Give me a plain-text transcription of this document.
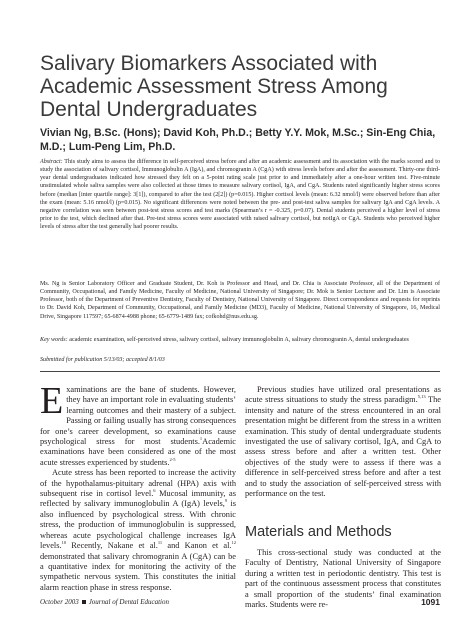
Salivary Biomarkers Associated with Academic Assessment Stress Among Dental Undergraduates
Vivian Ng, B.Sc. (Hons); David Koh, Ph.D.; Betty Y.Y. Mok, M.Sc.; Sin-Eng Chia, M.D.; Lum-Peng Lim, Ph.D.

Abstract: This study aims to assess the difference in self-perceived stress before and after an academic assessment and its association with the marks scored and to study the association of salivary cortisol, Immunoglobulin A (IgA), and chromogranin A (CgA) with stress levels before and after the assessment. Thirty-one third-year dental undergraduates indicated how stressed they felt on a 5-point rating scale just prior to and immediately after a one-hour written test. Five-minute unstimulated whole saliva samples were also collected at those times to measure salivary cortisol, IgA, and CgA. Students rated significantly higher stress scores before (median [inter quartile range]: 3[1]), compared to after the test (2[2]) (p=0.015). Higher cortisol levels (mean: 6.32 nmol/l) were observed before than after the exam (mean: 5.16 nmol/l) (p=0.015). No significant differences were noted between the pre- and post-test saliva samples for salivary IgA and CgA levels. A negative correlation was seen between post-test stress scores and test marks (Spearman’s r = -0.325, p=0.07). Dental students perceived a higher level of stress prior to the test, which declined after that. Pre-test stress scores were associated with raised salivary cortisol, but notIgA or CgA. Students who perceived higher levels of stress after the test generally had poorer results.

Ms. Ng is Senior Laboratory Officer and Graduate Student, Dr. Koh is Professor and Head, and Dr. Chia is Associate Professor, all of the Department of Community, Occupational, and Family Medicine, Faculty of Medicine, National University of Singapore; Dr. Mok is Senior Lecturer and Dr. Lim is Associate Professor, both of the Department of Preventive Dentistry, Faculty of Dentistry, National University of Singapore. Direct correspondence and requests for reprints to Dr. David Koh, Department of Community, Occupational, and Family Medicine (MD3), Faculty of Medicine, National University of Singapore, 16, Medical Drive, Singapore 117597; 65-6874-4988 phone; 65-6779-1489 fax; cofkohd@nus.edu.sg.

Key words: academic examination, self-perceived stress, salivary cortisol, salivary immunoglobulin A, salivary chromogranin A, dental undergraduates

Submitted for publication 5/13/03; accepted 8/1/03

Examinations are the bane of students. However, they have an important role in evaluating students’ learning outcomes and their mastery of a subject. Passing or failing usually has strong consequences for one’s career development, so examinations cause psychological stress for most students.$^1$Academic examinations have been considered as one of the most acute stresses experienced by students.$^{2-5}$

Acute stress has been reported to increase the activity of the hypothalamus-pituitary adrenal (HPA) axis with subsequent rise in cortisol level.$^6$ Mucosal immunity, as reflected by salivary immunoglobulin A (IgA) levels,$^9$ is also influenced by psychological stress. With chronic stress, the production of immunoglobulin is suppressed, whereas acute psychological challenge increases IgA levels.$^{10}$ Recently, Nakane et al.$^{11}$ and Kanon et al.$^{12}$ demonstrated that salivary chromogranin A (CgA) can be a quantitative index for monitoring the activity of the sympathetic nervous system. This constitutes the initial alarm reaction phase in stress response.

Previous studies have utilized oral presentations as acute stress situations to study the stress paradigm.$^{5,13}$ The intensity and nature of the stress encountered in an oral presentation might be different from the stress in a written examination. This study of dental undergraduate students investigated the use of salivary cortisol, IgA, and CgA to assess stress before and after a written test. Other objectives of the study were to assess if there was a difference in self-perceived stress before and after a test and to study the association of self-perceived stress with performance on the test.

Materials and Methods

This cross-sectional study was conducted at the Faculty of Dentistry, National University of Singapore during a written test in periodontic dentistry. This test is part of the continuous assessment process that constitutes a small proportion of the students’ final examination marks. Students were re-

October 2003 Journal of Dental Education	1091
